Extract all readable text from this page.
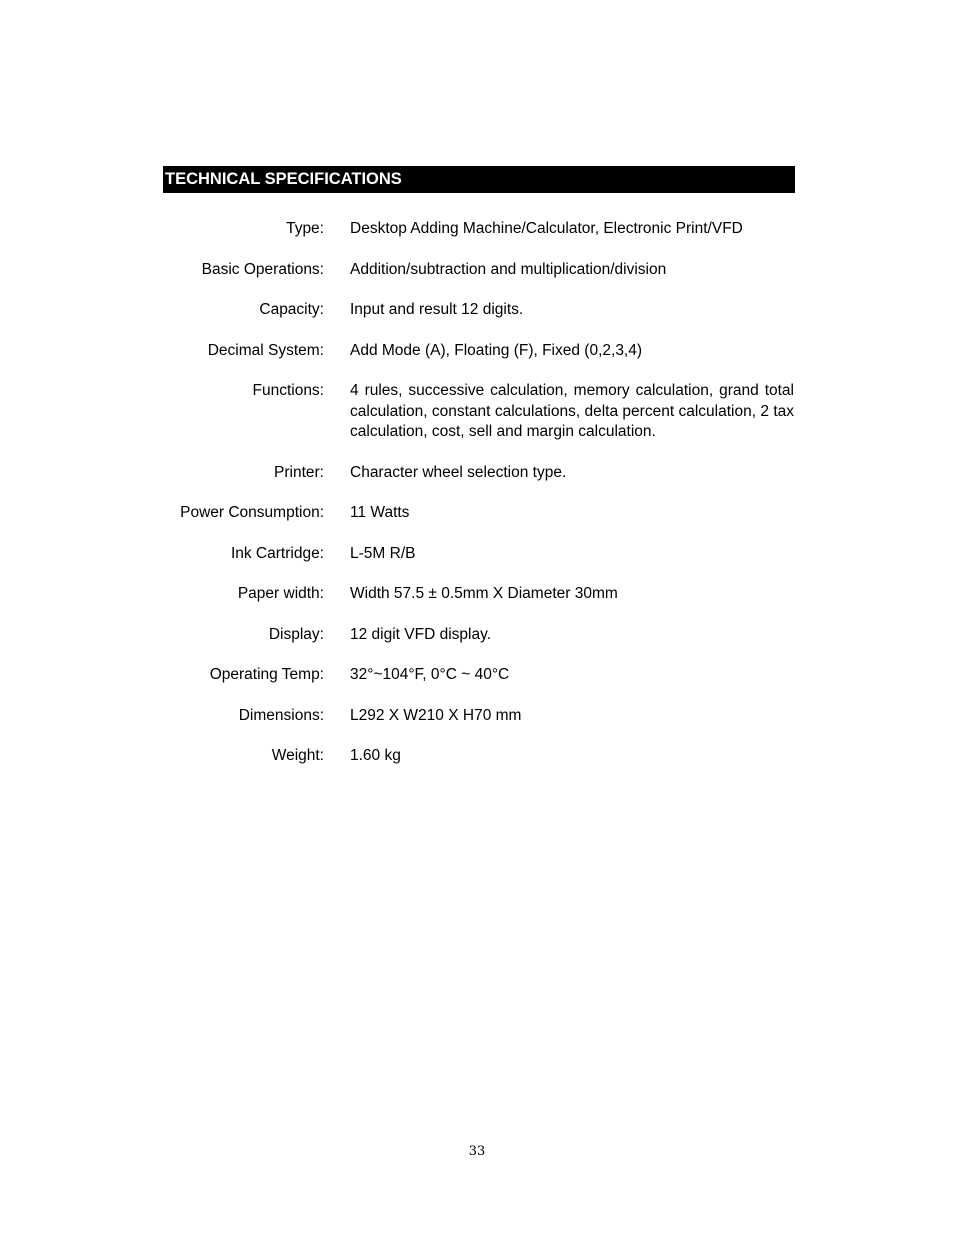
TECHNICAL SPECIFICATIONS
Type: Desktop Adding Machine/Calculator, Electronic Print/VFD
Basic Operations: Addition/subtraction and multiplication/division
Capacity: Input and result 12 digits.
Decimal System: Add Mode (A), Floating (F), Fixed (0,2,3,4)
Functions: 4 rules, successive calculation, memory calculation, grand total calculation, constant calculations, delta percent calculation, 2 tax calculation, cost, sell and margin calculation.
Printer: Character wheel selection type.
Power Consumption: 11 Watts
Ink Cartridge: L-5M R/B
Paper width: Width 57.5 ± 0.5mm X Diameter 30mm
Display: 12 digit VFD display.
Operating Temp: 32°~104°F, 0°C ~ 40°C
Dimensions: L292 X W210 X H70 mm
Weight: 1.60 kg
33
